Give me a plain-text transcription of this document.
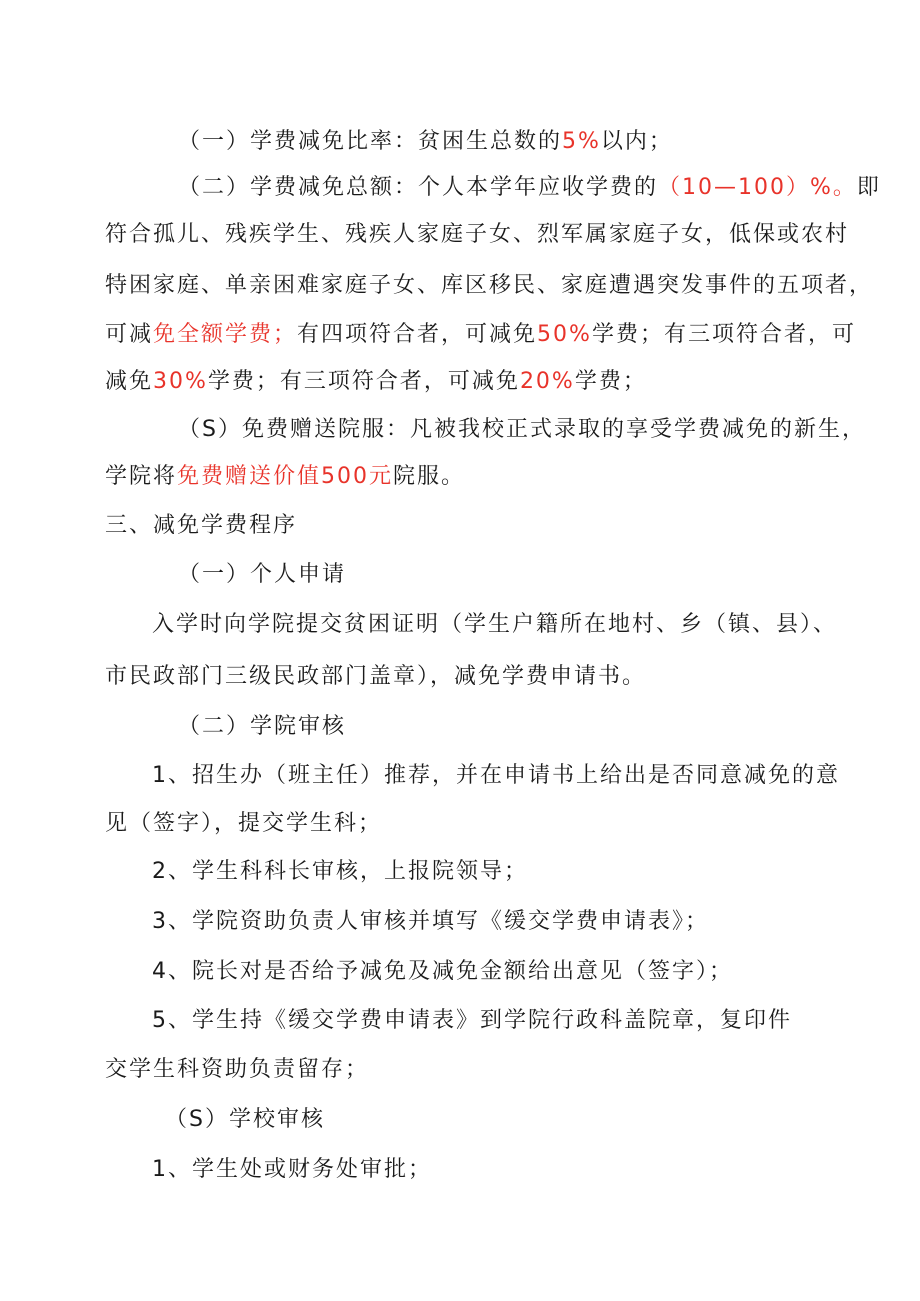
（一）学费减免比率：贫困生总数的5%以内；
（二）学费减免总额：个人本学年应收学费的（10—100）%。即
符合孤儿、残疾学生、残疾人家庭子女、烈军属家庭子女，低保或农村
特困家庭、单亲困难家庭子女、库区移民、家庭遭遇突发事件的五项者，
可减免全额学费；有四项符合者，可减免50%学费；有三项符合者，可
减免30%学费；有三项符合者，可减免20%学费；
（S）免费赠送院服：凡被我校正式录取的享受学费减免的新生，
学院将免费赠送价值500元院服。
三、减免学费程序
（一）个人申请
入学时向学院提交贫困证明（学生户籍所在地村、乡（镇、县）、
市民政部门三级民政部门盖章），减免学费申请书。
（二）学院审核
1、招生办（班主任）推荐，并在申请书上给出是否同意减免的意
见（签字），提交学生科；
2、学生科科长审核，上报院领导；
3、学院资助负责人审核并填写《缓交学费申请表》；
4、院长对是否给予减免及减免金额给出意见（签字）；
5、学生持《缓交学费申请表》到学院行政科盖院章，复印件
交学生科资助负责留存；
（S）学校审核
1、学生处或财务处审批；
